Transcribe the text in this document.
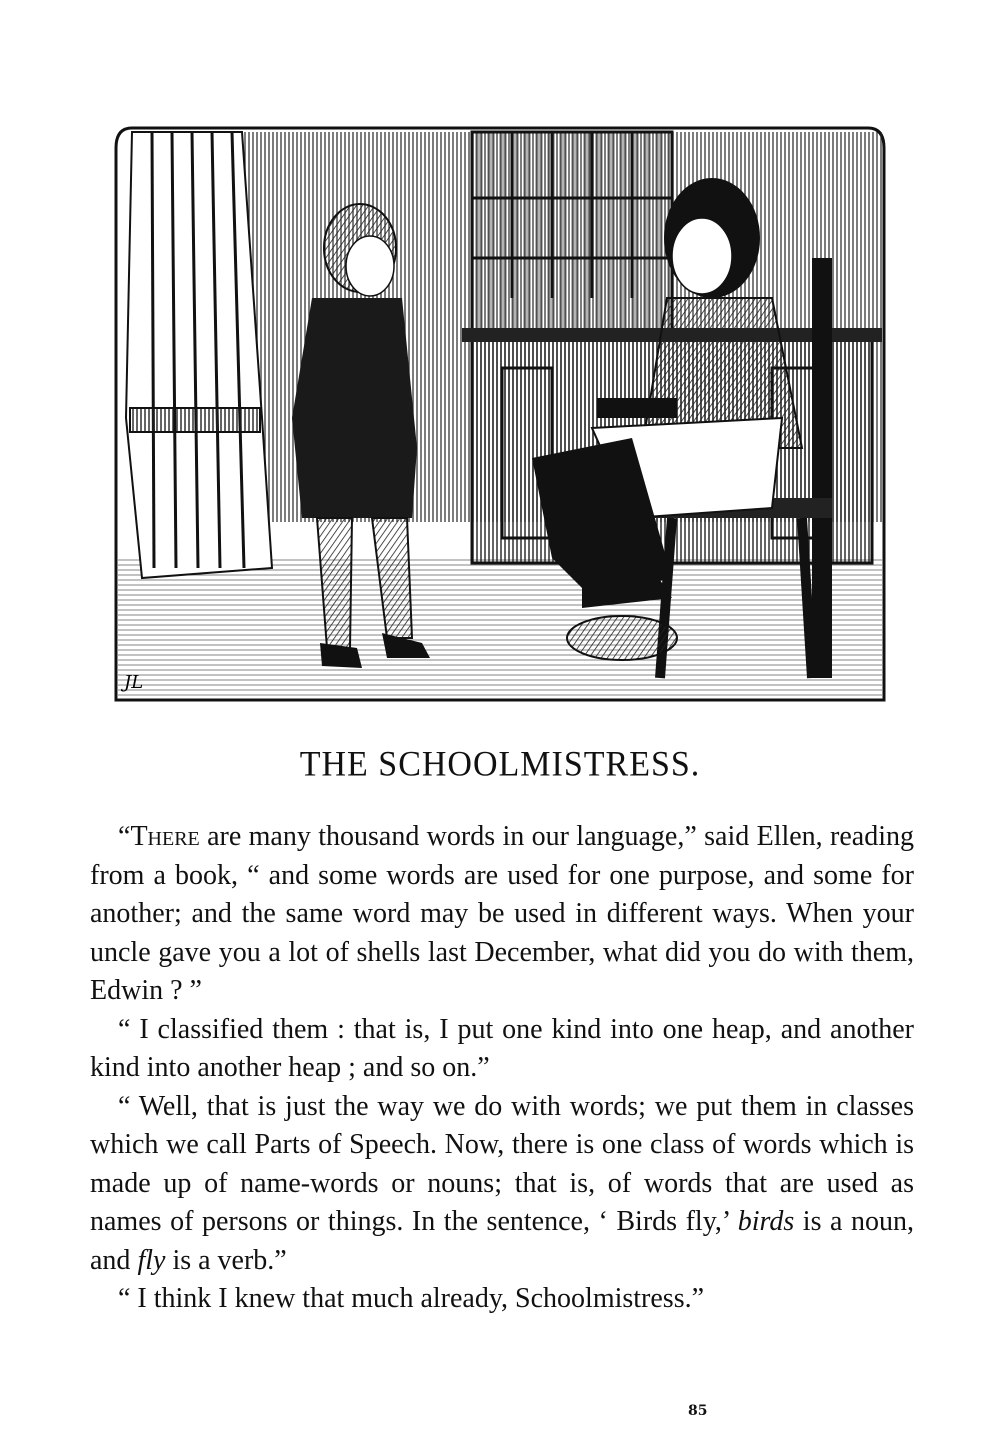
JL
THE SCHOOLMISTRESS.

“There are many thousand words in our language,” said Ellen, reading from a book, “ and some words are used for one purpose, and some for another; and the same word may be used in different ways. When your uncle gave you a lot of shells last December, what did you do with them, Edwin ? ”

“ I classified them : that is, I put one kind into one heap, and another kind into another heap ; and so on.”

“ Well, that is just the way we do with words; we put them in classes which we call Parts of Speech. Now, there is one class of words which is made up of name-words or nouns; that is, of words that are used as names of persons or things. In the sentence, ‘ Birds fly,’ birds is a noun, and fly is a verb.”

“ I think I knew that much already, Schoolmistress.”

85
